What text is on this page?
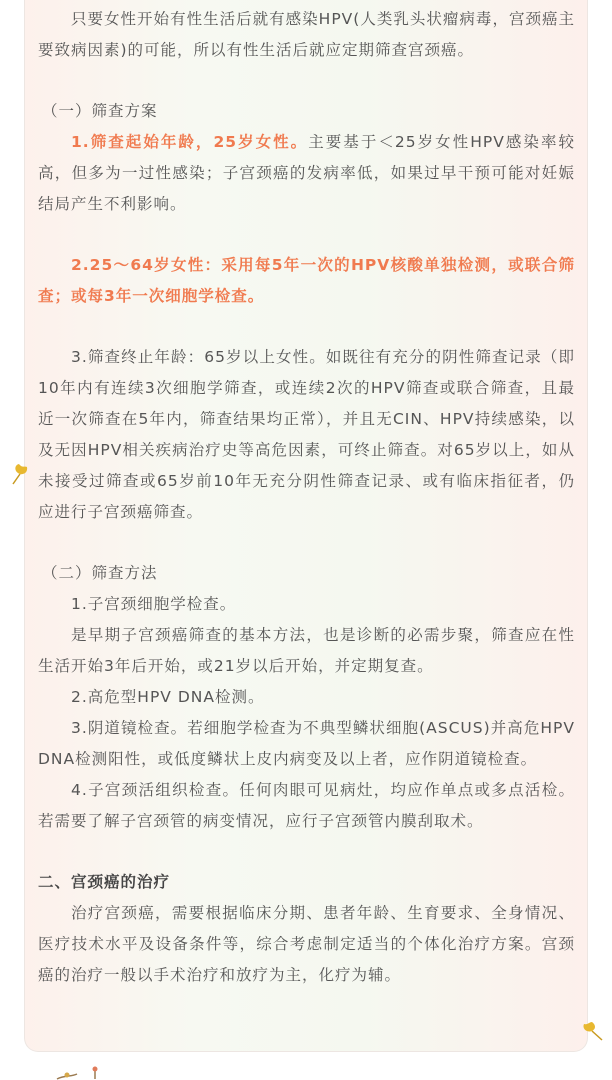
只要女性开始有性生活后就有感染HPV(人类乳头状瘤病毒，宫颈癌主要致病因素)的可能，所以有性生活后就应定期筛查宫颈癌。

（一）筛查方案

1.筛查起始年龄，25岁女性。主要基于＜25岁女性HPV感染率较高，但多为一过性感染；子宫颈癌的发病率低，如果过早干预可能对妊娠结局产生不利影响。

2.25～64岁女性：采用每5年一次的HPV核酸单独检测，或联合筛查；或每3年一次细胞学检查。

3.筛查终止年龄：65岁以上女性。如既往有充分的阴性筛查记录（即10年内有连续3次细胞学筛查，或连续2次的HPV筛查或联合筛查，且最近一次筛查在5年内，筛查结果均正常），并且无CIN、HPV持续感染，以及无因HPV相关疾病治疗史等高危因素，可终止筛查。对65岁以上，如从未接受过筛查或65岁前10年无充分阴性筛查记录、或有临床指征者，仍应进行子宫颈癌筛查。

（二）筛查方法

1.子宫颈细胞学检查。

是早期子宫颈癌筛查的基本方法，也是诊断的必需步聚，筛查应在性生活开始3年后开始，或21岁以后开始，并定期复查。

2.高危型HPV DNA检测。

3.阴道镜检查。若细胞学检查为不典型鳞状细胞(ASCUS)并高危HPV DNA检测阳性，或低度鳞状上皮内病变及以上者，应作阴道镜检查。

4.子宫颈活组织检查。任何肉眼可见病灶，均应作单点或多点活检。若需要了解子宫颈管的病变情况，应行子宫颈管内膜刮取术。

二、宫颈癌的治疗

治疗宫颈癌，需要根据临床分期、患者年龄、生育要求、全身情况、医疗技术水平及设备条件等，综合考虑制定适当的个体化治疗方案。宫颈癌的治疗一般以手术治疗和放疗为主，化疗为辅。
